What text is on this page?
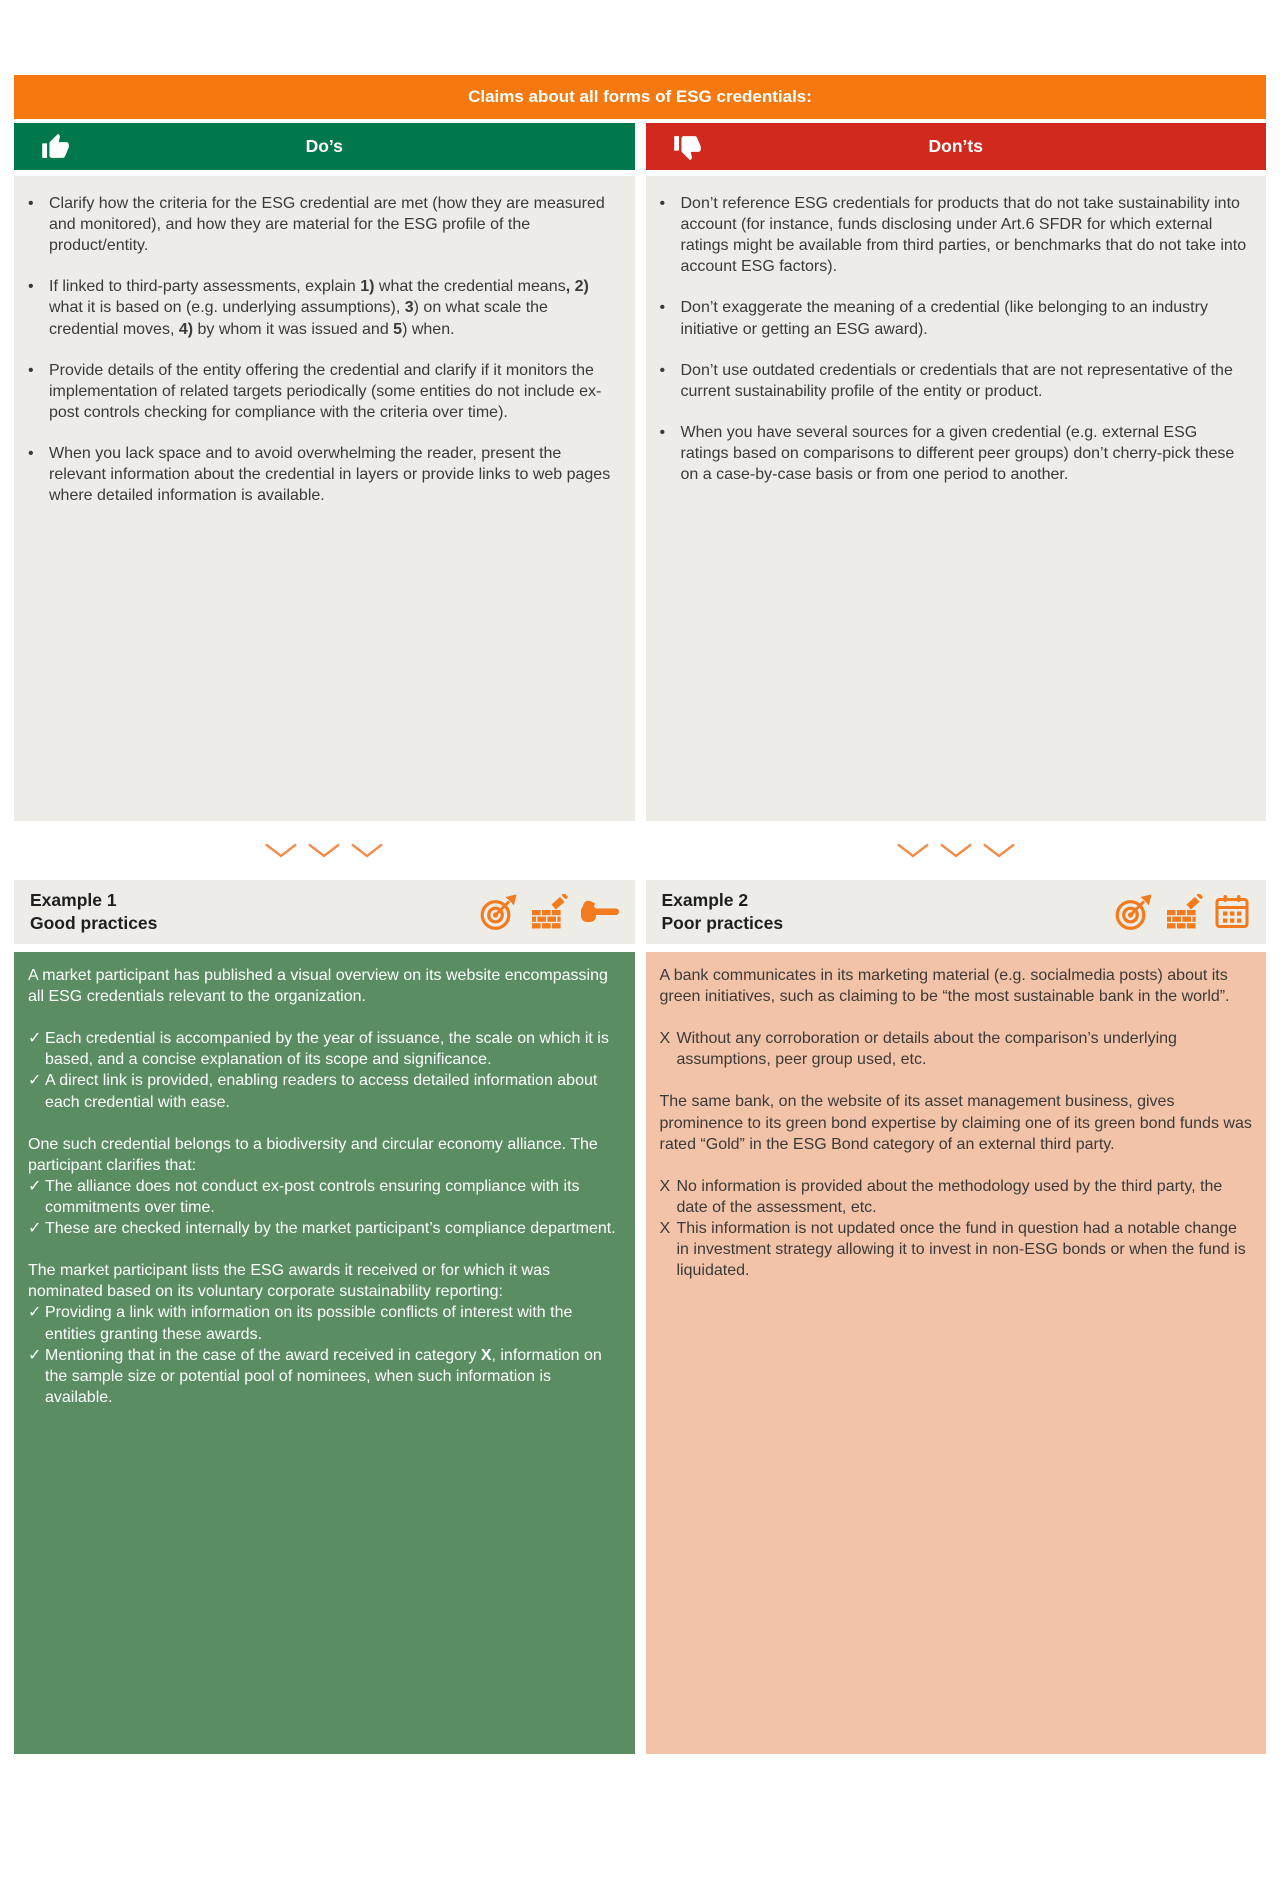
Claims about all forms of ESG credentials:
Do’s
• Clarify how the criteria for the ESG credential are met (how they are measured and monitored), and how they are material for the ESG profile of the product/entity.
• If linked to third-party assessments, explain 1) what the credential means, 2) what it is based on (e.g. underlying assumptions), 3) on what scale the credential moves, 4) by whom it was issued and 5) when.
• Provide details of the entity offering the credential and clarify if it monitors the implementation of related targets periodically (some entities do not include ex-post controls checking for compliance with the criteria over time).
• When you lack space and to avoid overwhelming the reader, present the relevant information about the credential in layers or provide links to web pages where detailed information is available.
Don’ts
• Don’t reference ESG credentials for products that do not take sustainability into account (for instance, funds disclosing under Art.6 SFDR for which external ratings might be available from third parties, or benchmarks that do not take into account ESG factors).
• Don’t exaggerate the meaning of a credential (like belonging to an industry initiative or getting an ESG award).
• Don’t use outdated credentials or credentials that are not representative of the current sustainability profile of the entity or product.
• When you have several sources for a given credential (e.g. external ESG ratings based on comparisons to different peer groups) don’t cherry-pick these on a case-by-case basis or from one period to another.
Example 1
Good practices
Example 2
Poor practices
A market participant has published a visual overview on its website encompassing all ESG credentials relevant to the organization.
✓ Each credential is accompanied by the year of issuance, the scale on which it is based, and a concise explanation of its scope and significance.
✓ A direct link is provided, enabling readers to access detailed information about each credential with ease.
One such credential belongs to a biodiversity and circular economy alliance. The participant clarifies that:
✓ The alliance does not conduct ex-post controls ensuring compliance with its commitments over time.
✓ These are checked internally by the market participant’s compliance department.
The market participant lists the ESG awards it received or for which it was nominated based on its voluntary corporate sustainability reporting:
✓ Providing a link with information on its possible conflicts of interest with the entities granting these awards.
✓ Mentioning that in the case of the award received in category X, information on the sample size or potential pool of nominees, when such information is available.
A bank communicates in its marketing material (e.g. socialmedia posts) about its green initiatives, such as claiming to be “the most sustainable bank in the world”.
X Without any corroboration or details about the comparison’s underlying assumptions, peer group used, etc.
The same bank, on the website of its asset management business, gives prominence to its green bond expertise by claiming one of its green bond funds was rated “Gold” in the ESG Bond category of an external third party.
X No information is provided about the methodology used by the third party, the date of the assessment, etc.
X This information is not updated once the fund in question had a notable change in investment strategy allowing it to invest in non-ESG bonds or when the fund is liquidated.
